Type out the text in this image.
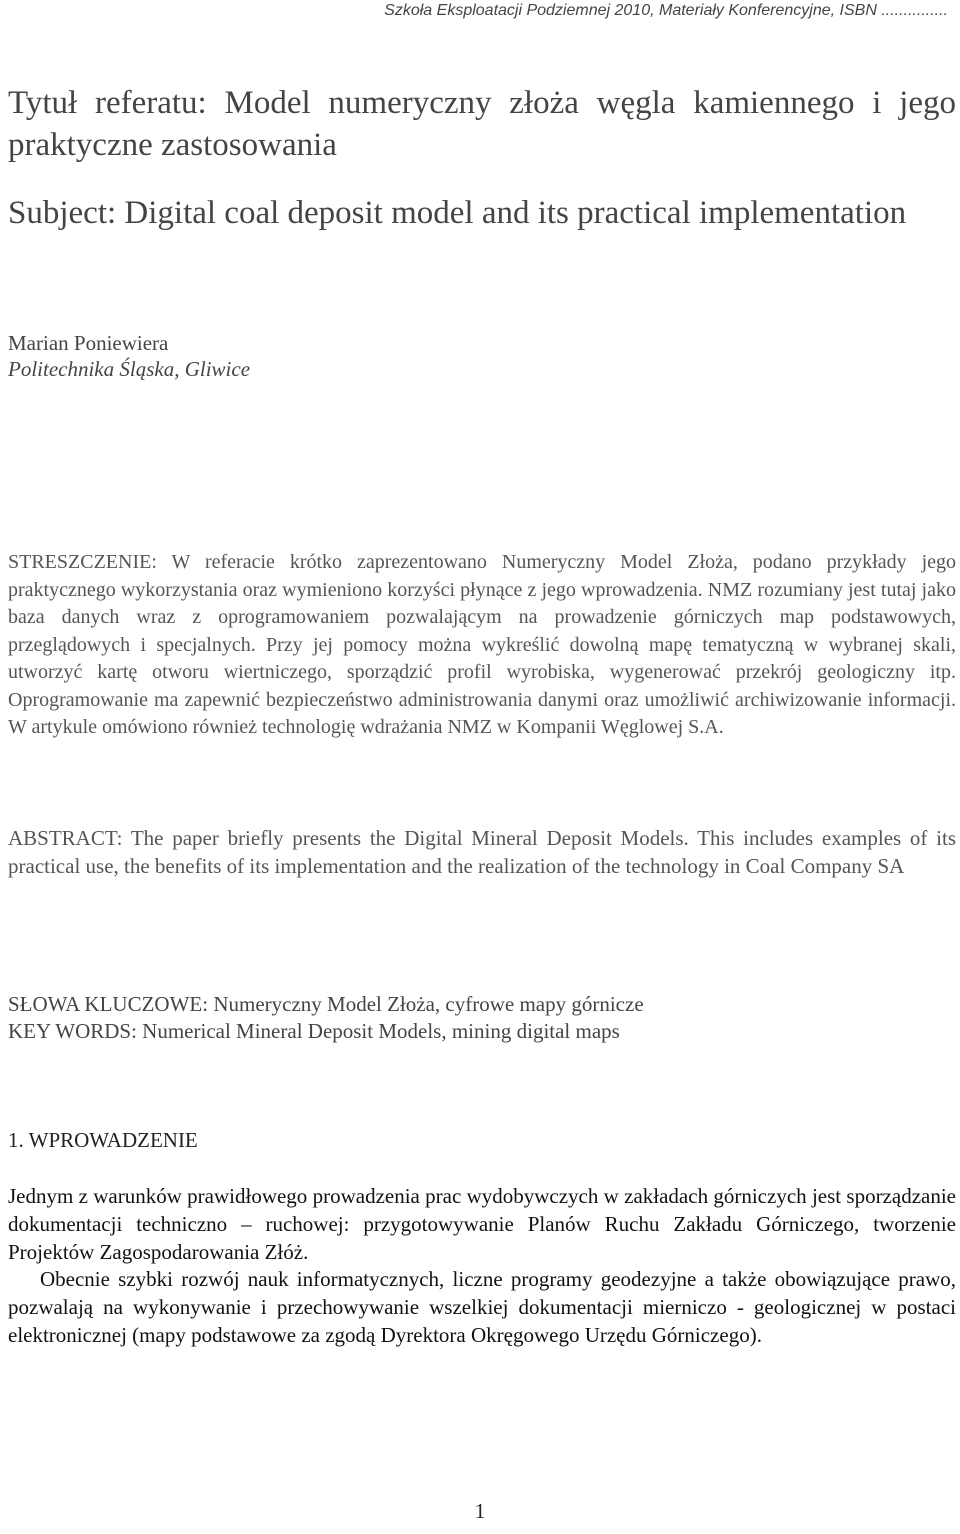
Szkoła Eksploatacji Podziemnej 2010, Materiały Konferencyjne, ISBN ...............
Tytuł referatu: Model numeryczny złoża węgla kamiennego i jego praktyczne zastosowania
Subject: Digital coal deposit model and its practical implementation
Marian Poniewiera
Politechnika Śląska, Gliwice

STRESZCZENIE: W referacie krótko zaprezentowano Numeryczny Model Złoża, podano przykłady jego praktycznego wykorzystania oraz wymieniono korzyści płynące z jego wprowadzenia. NMZ rozumiany jest tutaj jako baza danych wraz z oprogramowaniem pozwalającym na prowadzenie górniczych map podstawowych, przeglądowych i specjalnych. Przy jej pomocy można wykreślić dowolną mapę tematyczną w wybranej skali, utworzyć kartę otworu wiertniczego, sporządzić profil wyrobiska, wygenerować przekrój geologiczny itp. Oprogramowanie ma zapewnić bezpieczeństwo administrowania danymi oraz umożliwić archiwizowanie informacji. W artykule omówiono również technologię wdrażania NMZ w Kompanii Węglowej S.A.

ABSTRACT: The paper briefly presents the Digital Mineral Deposit Models. This includes examples of its practical use, the benefits of its implementation and the realization of the technology in Coal Company SA

SŁOWA KLUCZOWE: Numeryczny Model Złoża, cyfrowe mapy górnicze
KEY WORDS: Numerical Mineral Deposit Models, mining digital maps
1. WPROWADZENIE

Jednym z warunków prawidłowego prowadzenia prac wydobywczych w zakładach górniczych jest sporządzanie dokumentacji techniczno – ruchowej: przygotowywanie Planów Ruchu Zakładu Górniczego, tworzenie Projektów Zagospodarowania Złóż.

Obecnie szybki rozwój nauk informatycznych, liczne programy geodezyjne a także obowiązujące prawo, pozwalają na wykonywanie i przechowywanie wszelkiej dokumentacji mierniczo - geologicznej w postaci elektronicznej (mapy podstawowe za zgodą Dyrektora Okręgowego Urzędu Górniczego).

1
